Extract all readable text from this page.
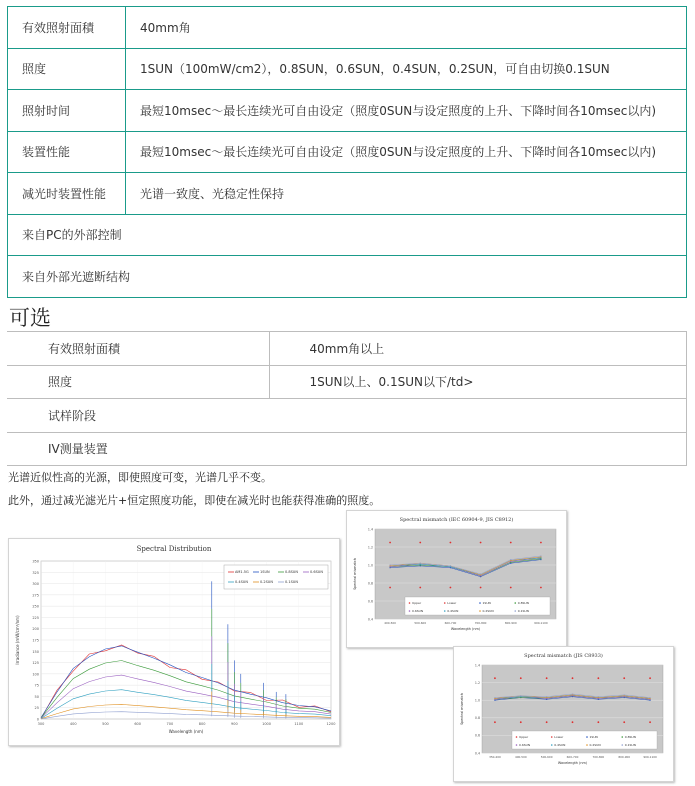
有效照射面積	40mm角
照度	1SUN（100mW/cm2），0.8SUN，0.6SUN，0.4SUN，0.2SUN，可自由切换0.1SUN
照射时间	最短10msec～最长连续光可自由设定（照度0SUN与设定照度的上升、下降时间各10msec以内)
装置性能	最短10msec～最长连续光可自由设定（照度0SUN与设定照度的上升、下降时间各10msec以内)
减光时装置性能	光谱一致度、光稳定性保持
来自PC的外部控制	
来自外部光遮断结构	
可选
有效照射面積	40mm角以上
照度	1SUN以上、0.1SUN以下/td>
试样阶段	
IV测量装置	
光谱近似性高的光源，即使照度可变，光谱几乎不变。
此外，通过减光滤光片+恒定照度功能，即使在减光时也能获得准确的照度。
Spectral Distribution
0
25
50
75
100
125
150
175
200
225
250
275
300
325
350
300	400	500	600	700	800	900	1000	1100	1200
Wavelength (nm)
Irradiance (mW/cm²/nm)
AM1.5G	1SUN	0.8SUN	0.6SUN
0.4SUN	0.2SUN	0.1SUN
Spectral mismatch (IEC 60904-9, JIS C8912)
0.4
0.6
0.8
1.0
1.2
1.4
400-500	500-600	600-700	700-800	800-900	900-1100
Wavelength (nm)
Spectral mismatch
Upper	Lower	1SUN	0.8SUN
0.6SUN	0.4SUN	0.2SUN	0.1SUN
Spectral mismatch (JIS C8933)
0.4
0.6
0.8
1.0
1.2
1.4
350-400	400-500	500-600	600-700	700-800	800-900	900-1100
Wavelength (nm)
Spectral mismatch
Upper	Lower	1SUN	0.8SUN
0.6SUN	0.4SUN	0.2SUN	0.1SUN
